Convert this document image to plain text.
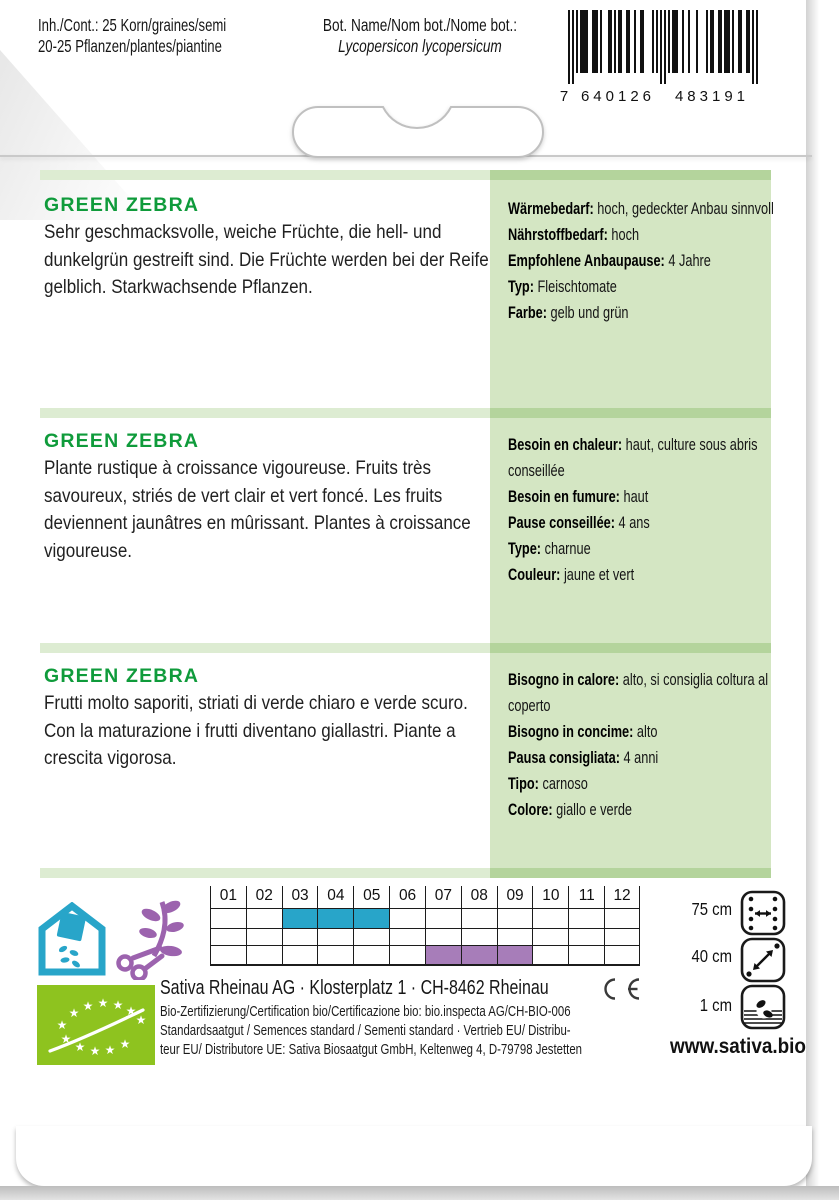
Inh./Cont.: 25 Korn/graines/semi
20-25 Pflanzen/plantes/piantine
Bot. Name/Nom bot./Nome bot.:
Lycopersicon lycopersicum
7 640126 483191
GREEN ZEBRA
Sehr geschmacksvolle, weiche Früchte, die hell- und dunkelgrün gestreift sind. Die Früchte werden bei der Reife gelblich. Starkwachsende Pflanzen.
Wärmebedarf: hoch, gedeckter Anbau sinnvoll
Nährstoffbedarf: hoch
Empfohlene Anbaupause: 4 Jahre
Typ: Fleischtomate
Farbe: gelb und grün
GREEN ZEBRA
Plante rustique à croissance vigoureuse. Fruits très savoureux, striés de vert clair et vert foncé. Les fruits deviennent jaunâtres en mûrissant. Plantes à croissance vigoureuse.
Besoin en chaleur: haut, culture sous abris conseillée
Besoin en fumure: haut
Pause conseillée: 4 ans
Type: charnue
Couleur: jaune et vert
GREEN ZEBRA
Frutti molto saporiti, striati di verde chiaro e verde scuro. Con la maturazione i frutti diventano giallastri. Piante a crescita vigorosa.
Bisogno in calore: alto, si consiglia coltura al coperto
Bisogno in concime: alto
Pausa consigliata: 4 anni
Tipo: carnoso
Colore: giallo e verde
01	02	03	04	05	06	07	08	09	10	11	12
75 cm
40 cm
1 cm
★
★ ★ ★ ★ ★
★
★
★ ★ ★ ★
Sativa Rheinau AG · Klosterplatz 1 · CH-8462 Rheinau
Bio-Zertifizierung/Certification bio/Certificazione bio: bio.inspecta AG/CH-BIO-006
Standardsaatgut / Semences standard / Sementi standard · Vertrieb EU/ Distribu-
teur EU/ Distributore UE: Sativa Biosaatgut GmbH, Keltenweg 4, D-79798 Jestetten	www.sativa.bio
